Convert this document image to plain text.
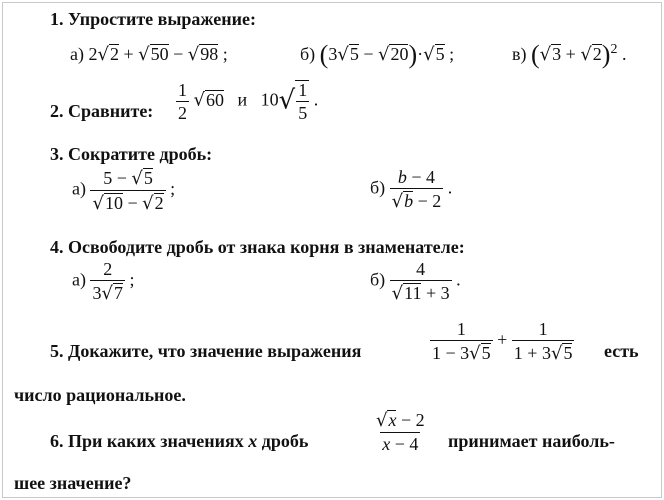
1. Упростите выражение:
а) 2√2 + √50 − √98 ;	б) (3√5 − √20)·√5 ;	в) $(√3 + √2)^2$ .
2. Сравните: $\frac{1}{2} √60$ и   $10√ \frac{1}{5}$ .
3. Сократите дробь:
$а) \frac{5 - √5}{√10 - √2}$ ;	$б) \frac{b - 4}{√b - 2}$ .
4. Освободите дробь от знака корня в знаменателе:
$а) \frac{2}{3√7}$ ;	$б) \frac{4}{√11 + 3}$ .
5. Докажите, что значение выражения	$\frac{1}{1 - 3√5} + \frac{1}{1 + 3√5}$ есть
число рациональное.
6. При каких значениях x дробь	$\frac{√x - 2}{x - 4}$ принимает наиболь-
шее значение?
